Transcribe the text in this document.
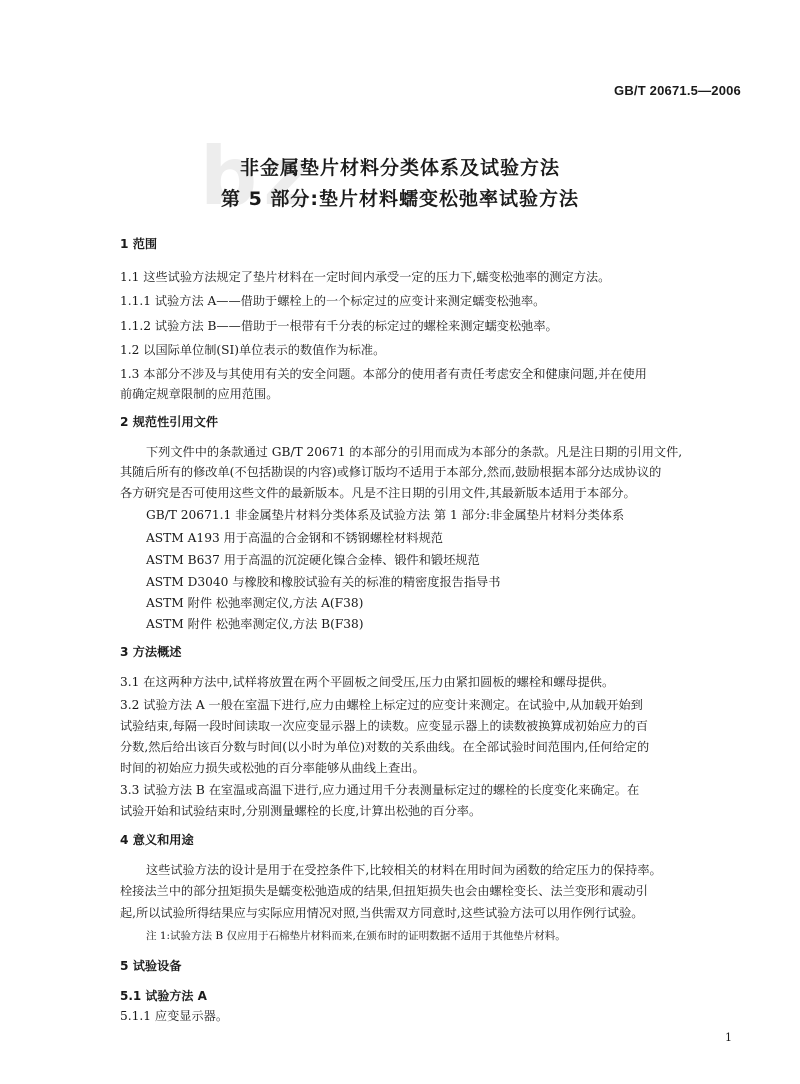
GB/T 20671.5—2006
bz
非金属垫片材料分类体系及试验方法
第 5 部分:垫片材料蠕变松弛率试验方法
1 范围
1.1 这些试验方法规定了垫片材料在一定时间内承受一定的压力下,蠕变松弛率的测定方法。
1.1.1 试验方法 A——借助于螺栓上的一个标定过的应变计来测定蠕变松弛率。
1.1.2 试验方法 B——借助于一根带有千分表的标定过的螺栓来测定蠕变松弛率。
1.2 以国际单位制(SI)单位表示的数值作为标准。
1.3 本部分不涉及与其使用有关的安全问题。本部分的使用者有责任考虑安全和健康问题,并在使用
前确定规章限制的应用范围。
2 规范性引用文件
下列文件中的条款通过 GB/T 20671 的本部分的引用而成为本部分的条款。凡是注日期的引用文件,
其随后所有的修改单(不包括勘误的内容)或修订版均不适用于本部分,然而,鼓励根据本部分达成协议的
各方研究是否可使用这些文件的最新版本。凡是不注日期的引用文件,其最新版本适用于本部分。
GB/T 20671.1 非金属垫片材料分类体系及试验方法 第 1 部分:非金属垫片材料分类体系
ASTM A193 用于高温的合金钢和不锈钢螺栓材料规范
ASTM B637 用于高温的沉淀硬化镍合金棒、锻件和锻坯规范
ASTM D3040 与橡胶和橡胶试验有关的标准的精密度报告指导书
ASTM 附件 松弛率测定仪,方法 A(F38)
ASTM 附件 松弛率测定仪,方法 B(F38)
3 方法概述
3.1 在这两种方法中,试样将放置在两个平圆板之间受压,压力由紧扣圆板的螺栓和螺母提供。
3.2 试验方法 A 一般在室温下进行,应力由螺栓上标定过的应变计来测定。在试验中,从加载开始到
试验结束,每隔一段时间读取一次应变显示器上的读数。应变显示器上的读数被换算成初始应力的百
分数,然后给出该百分数与时间(以小时为单位)对数的关系曲线。在全部试验时间范围内,任何给定的
时间的初始应力损失或松弛的百分率能够从曲线上查出。
3.3 试验方法 B 在室温或高温下进行,应力通过用千分表测量标定过的螺栓的长度变化来确定。在
试验开始和试验结束时,分别测量螺栓的长度,计算出松弛的百分率。
4 意义和用途
这些试验方法的设计是用于在受控条件下,比较相关的材料在用时间为函数的给定压力的保持率。
栓接法兰中的部分扭矩损失是蠕变松弛造成的结果,但扭矩损失也会由螺栓变长、法兰变形和震动引
起,所以试验所得结果应与实际应用情况对照,当供需双方同意时,这些试验方法可以用作例行试验。
注 1:试验方法 B 仅应用于石棉垫片材料而来,在颁布时的证明数据不适用于其他垫片材料。
5 试验设备
5.1 试验方法 A
5.1.1 应变显示器。
1
